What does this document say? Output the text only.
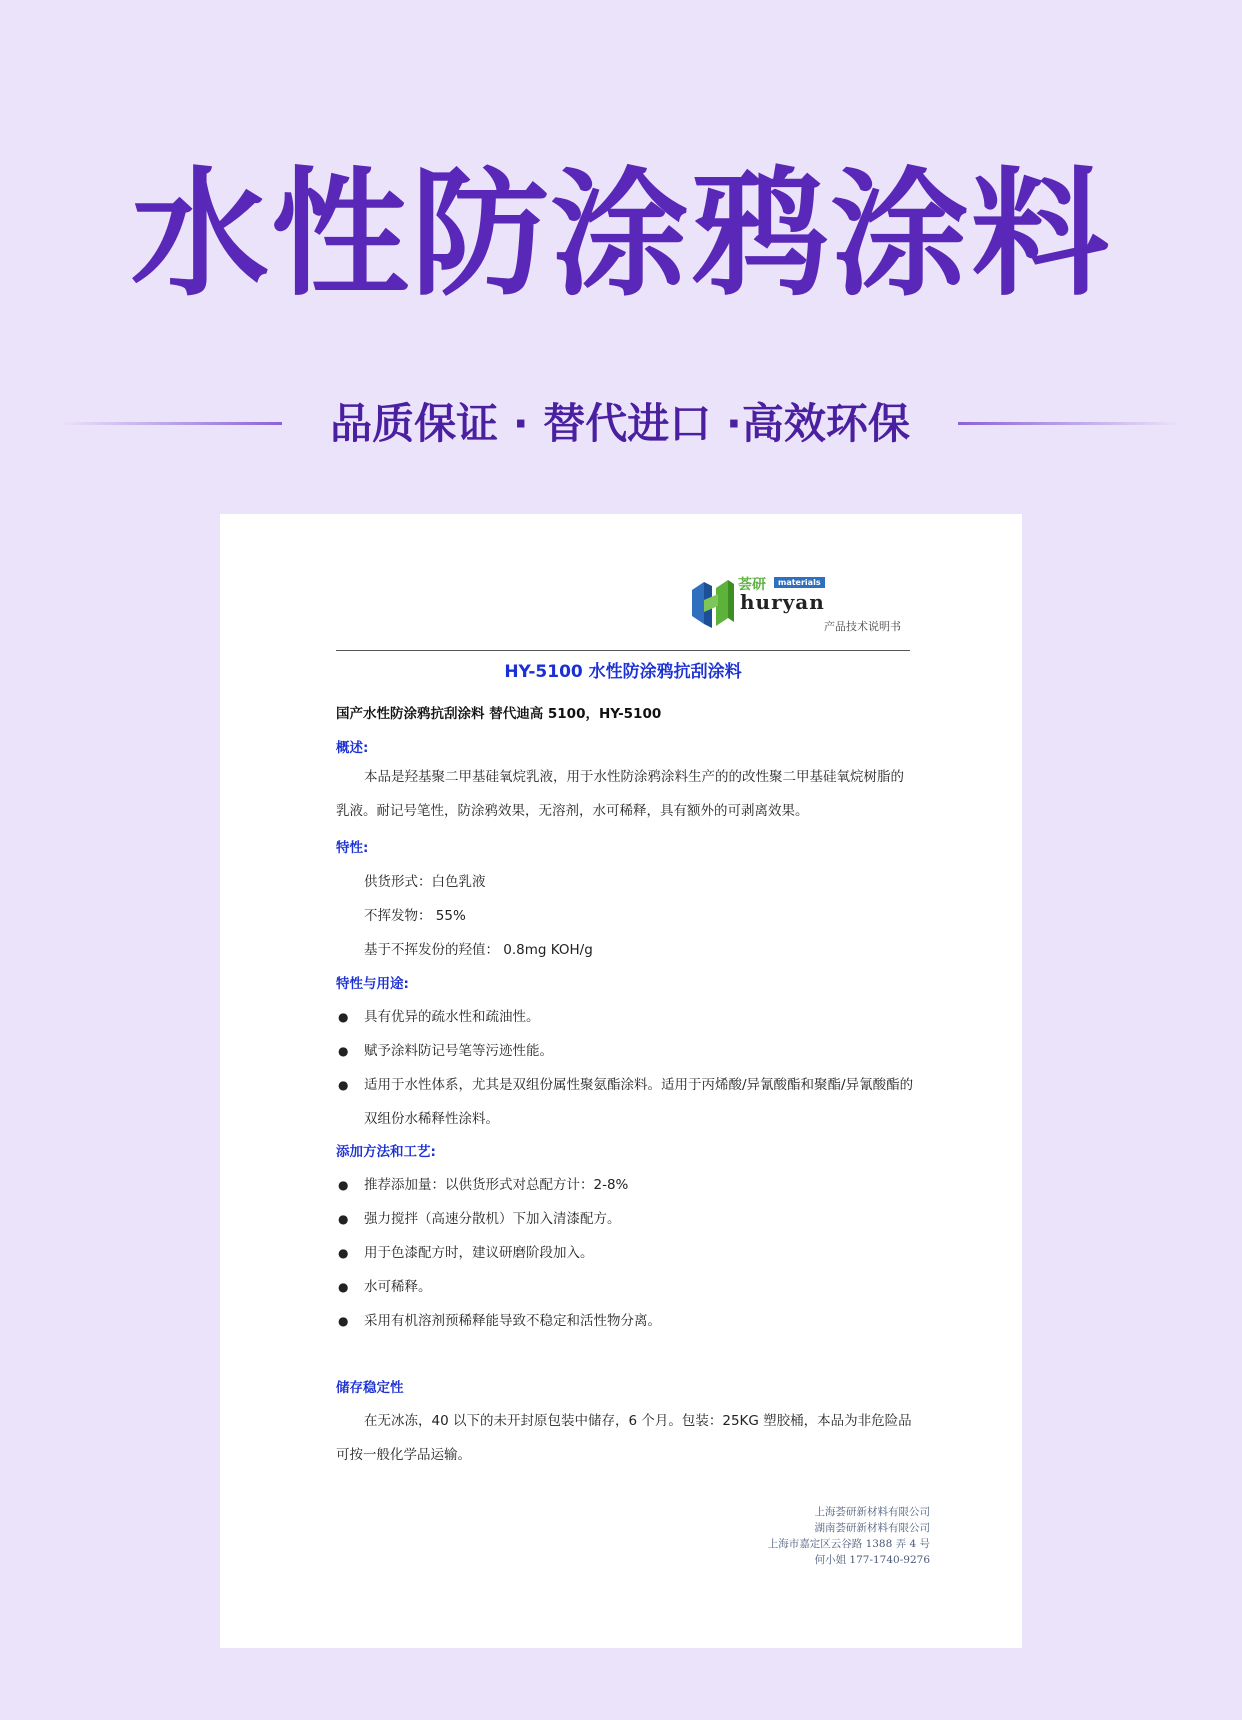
水性防涂鸦涂料
品质保证 · 替代进口 ·高效环保
荟研	materials
huryan
产品技术说明书
HY-5100 水性防涂鸦抗刮涂料
国产水性防涂鸦抗刮涂料 替代迪高 5100，HY-5100
概述:
本品是羟基聚二甲基硅氧烷乳液，用于水性防涂鸦涂料生产的的改性聚二甲基硅氧烷树脂的乳液。耐记号笔性，防涂鸦效果，无溶剂，水可稀释，具有额外的可剥离效果。
特性:
供货形式：白色乳液
不挥发物： 55%
基于不挥发份的羟值： 0.8mg KOH/g
特性与用途:
● 具有优异的疏水性和疏油性。
● 赋予涂料防记号笔等污迹性能。
● 适用于水性体系，尤其是双组份属性聚氨酯涂料。适用于丙烯酸/异氰酸酯和聚酯/异氰酸酯的双组份水稀释性涂料。
添加方法和工艺:
● 推荐添加量：以供货形式对总配方计：2-8%
● 强力搅拌（高速分散机）下加入清漆配方。
● 用于色漆配方时，建议研磨阶段加入。
● 水可稀释。
● 采用有机溶剂预稀释能导致不稳定和活性物分离。
储存稳定性
在无冰冻，40 以下的未开封原包装中储存，6 个月。包装：25KG 塑胶桶，本品为非危险品可按一般化学品运输。
上海荟研新材料有限公司
湖南荟研新材料有限公司
上海市嘉定区云谷路 1388 弄 4 号
何小姐 177-1740-9276
